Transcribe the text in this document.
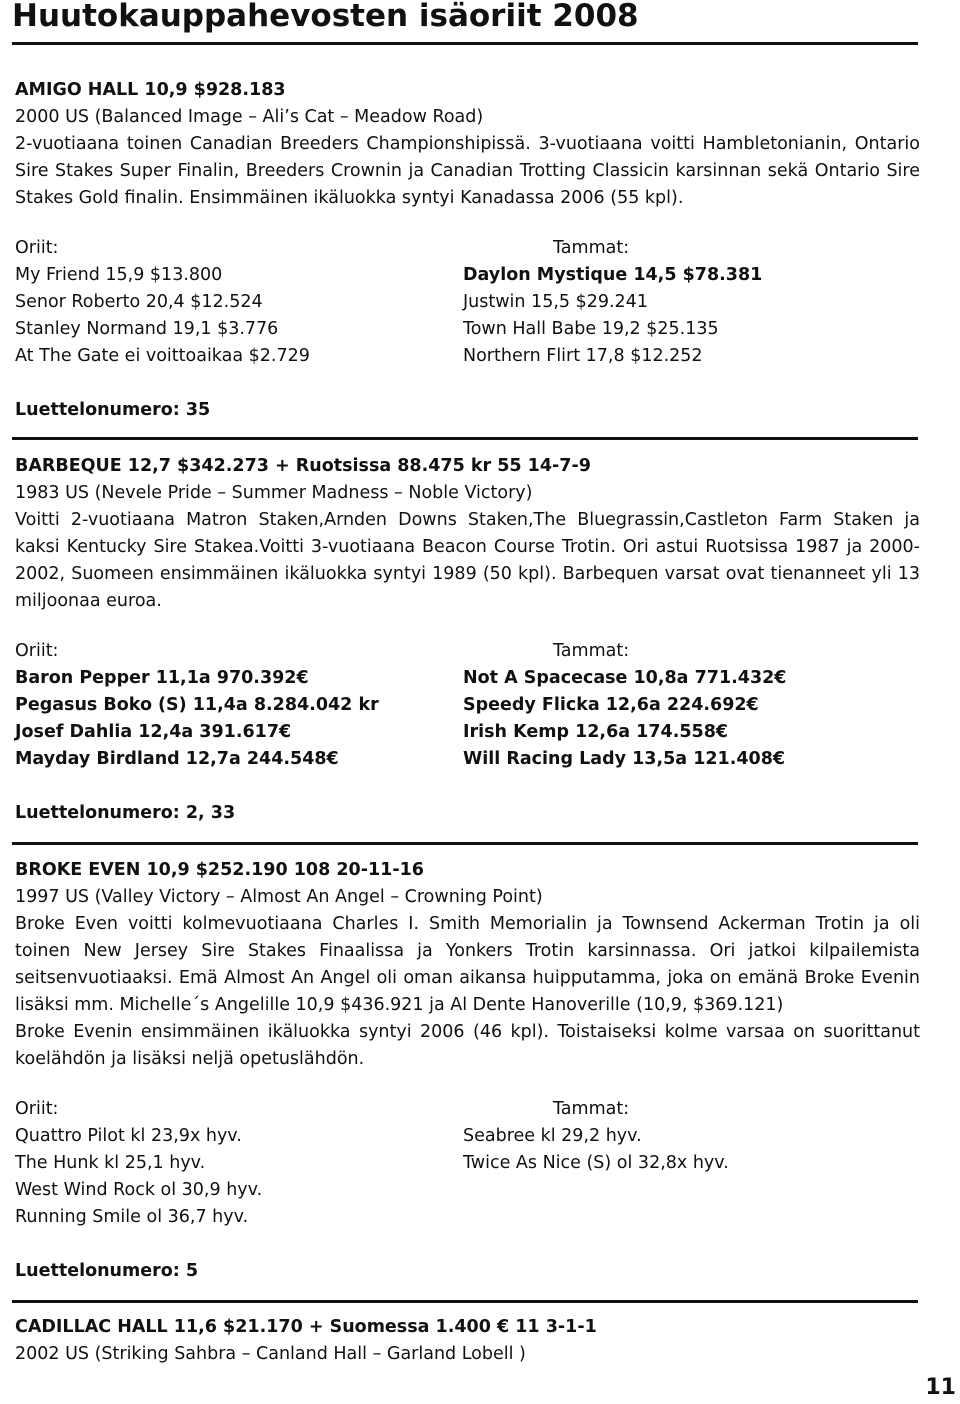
Huutokauppahevosten isäoriit 2008
AMIGO HALL 10,9 $928.183
2000 US (Balanced Image – Ali’s Cat – Meadow Road)
2-vuotiaana toinen Canadian Breeders Championshipissä. 3-vuotiaana voitti Hambletonianin, Ontario Sire Stakes Super Finalin, Breeders Crownin ja Canadian Trotting Classicin karsinnan sekä Ontario Sire Stakes Gold finalin. Ensimmäinen ikäluokka syntyi Kanadassa 2006 (55 kpl).
Oriit:
My Friend 15,9 $13.800
Senor Roberto 20,4 $12.524
Stanley Normand 19,1 $3.776
At The Gate ei voittoaikaa $2.729
Tammat:
Daylon Mystique 14,5 $78.381
Justwin 15,5 $29.241
Town Hall Babe 19,2 $25.135
Northern Flirt 17,8 $12.252
Luettelonumero: 35
BARBEQUE 12,7 $342.273 + Ruotsissa 88.475 kr 55 14-7-9
1983 US (Nevele Pride – Summer Madness – Noble Victory)
Voitti 2-vuotiaana Matron Staken,Arnden Downs Staken,The Bluegrassin,Castleton Farm Staken ja kaksi Kentucky Sire Stakea.Voitti 3-vuotiaana Beacon Course Trotin. Ori astui Ruotsissa 1987 ja 2000-2002, Suomeen ensimmäinen ikäluokka syntyi 1989 (50 kpl). Barbequen varsat ovat tienanneet yli 13 miljoonaa euroa.
Oriit:
Baron Pepper 11,1a 970.392€
Pegasus Boko (S) 11,4a 8.284.042 kr
Josef Dahlia 12,4a 391.617€
Mayday Birdland 12,7a 244.548€
Tammat:
Not A Spacecase 10,8a 771.432€
Speedy Flicka 12,6a 224.692€
Irish Kemp 12,6a 174.558€
Will Racing Lady 13,5a 121.408€
Luettelonumero: 2, 33
BROKE EVEN 10,9 $252.190 108 20-11-16
1997 US (Valley Victory – Almost An Angel – Crowning Point)
Broke Even voitti kolmevuotiaana Charles I. Smith Memorialin ja Townsend Ackerman Trotin ja oli toinen New Jersey Sire Stakes Finaalissa ja Yonkers Trotin karsinnassa. Ori jatkoi kilpailemista seitsenvuotiaaksi. Emä Almost An Angel oli oman aikansa huipputamma, joka on emänä Broke Evenin lisäksi mm. Michelle´s Angelille 10,9 $436.921 ja Al Dente Hanoverille (10,9, $369.121)
Broke Evenin ensimmäinen ikäluokka syntyi 2006 (46 kpl). Toistaiseksi kolme varsaa on suorittanut koelähdön ja lisäksi neljä opetuslähdön.
Oriit:
Quattro Pilot kl 23,9x hyv.
The Hunk kl 25,1 hyv.
West Wind Rock ol 30,9 hyv.
Running Smile ol 36,7 hyv.
Tammat:
Seabree kl 29,2 hyv.
Twice As Nice (S) ol 32,8x hyv.
Luettelonumero: 5
CADILLAC HALL 11,6 $21.170 + Suomessa 1.400 € 11 3-1-1
2002 US (Striking Sahbra – Canland Hall – Garland Lobell )
11
